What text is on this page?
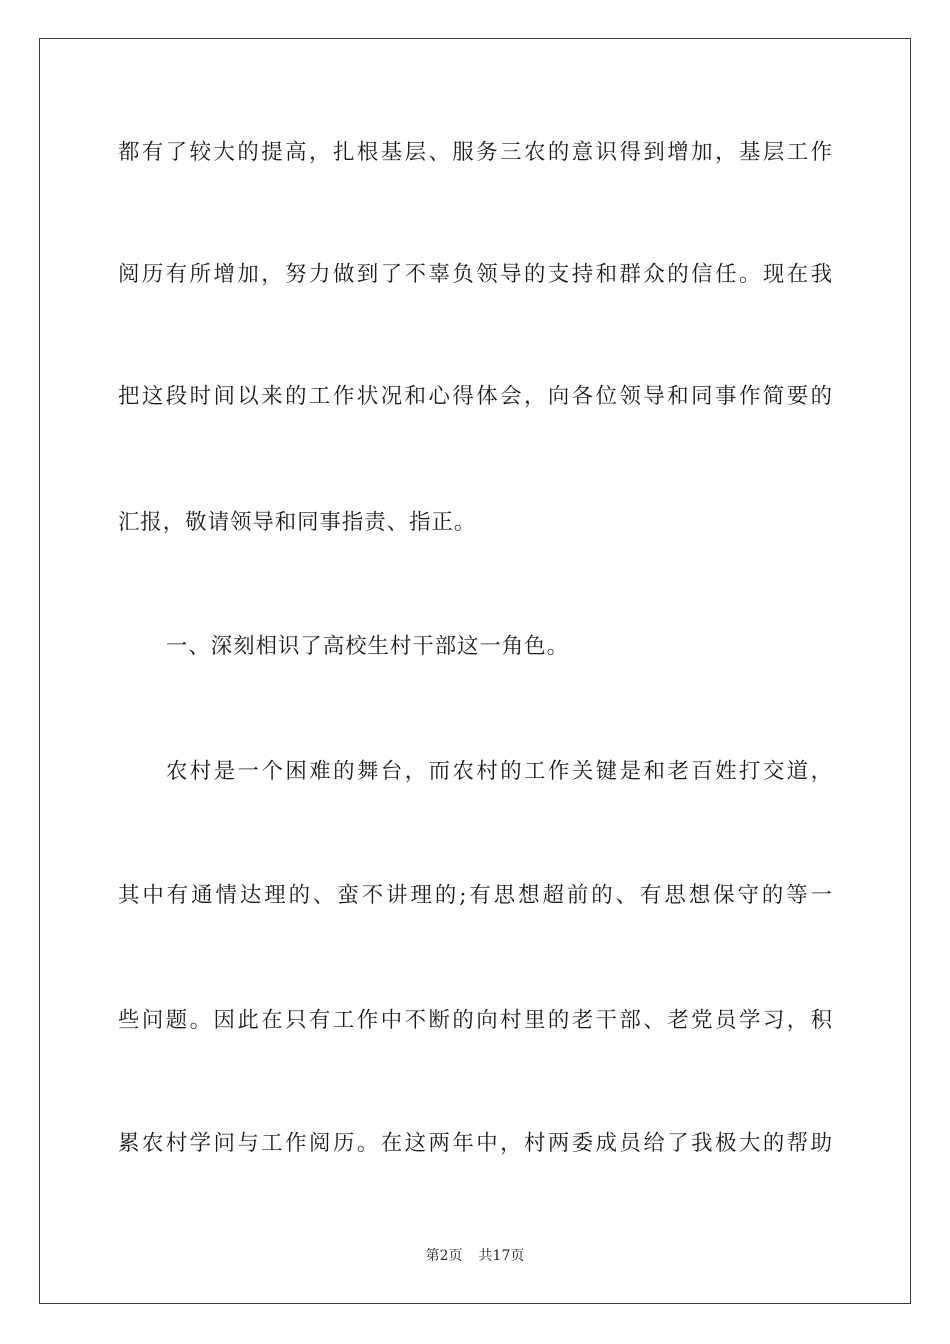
都有了较大的提高，扎根基层、服务三农的意识得到增加，基层工作
阅历有所增加，努力做到了不辜负领导的支持和群众的信任。现在我
把这段时间以来的工作状况和心得体会，向各位领导和同事作简要的
汇报，敬请领导和同事指责、指正。
一、深刻相识了高校生村干部这一角色。
农村是一个困难的舞台，而农村的工作关键是和老百姓打交道，
其中有通情达理的、蛮不讲理的;有思想超前的、有思想保守的等一
些问题。因此在只有工作中不断的向村里的老干部、老党员学习，积
累农村学问与工作阅历。在这两年中，村两委成员给了我极大的帮助
第2页 共17页
